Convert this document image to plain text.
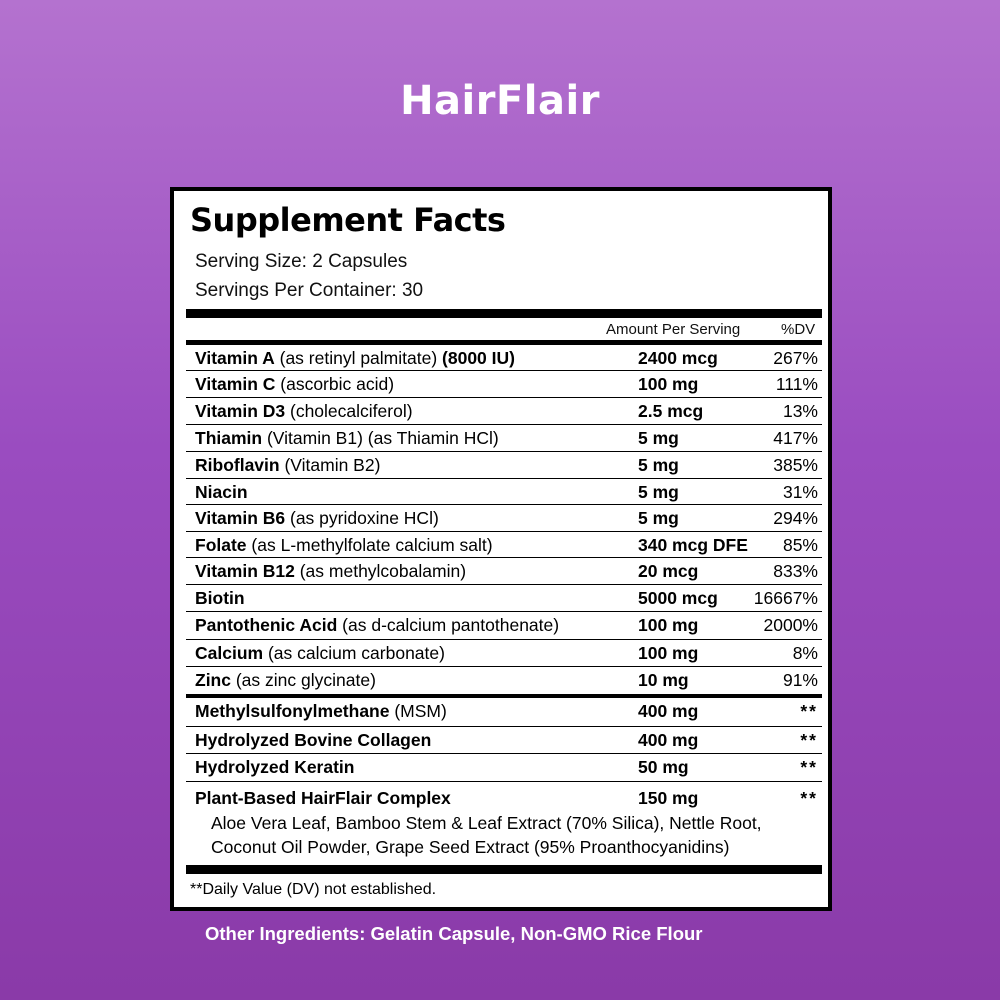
HairFlair
Supplement Facts
Serving Size: 2 Capsules
Servings Per Container: 30
Amount Per Serving	%DV
Vitamin A (as retinyl palmitate) (8000 IU)	2400 mcg	267%
Vitamin C (ascorbic acid)	100 mg	111%
Vitamin D3 (cholecalciferol)	2.5 mcg	13%
Thiamin (Vitamin B1) (as Thiamin HCl)	5 mg	417%
Riboflavin (Vitamin B2)	5 mg	385%
Niacin	5 mg	31%
Vitamin B6 (as pyridoxine HCl)	5 mg	294%
Folate (as L-methylfolate calcium salt)	340 mcg DFE 85%
Vitamin B12 (as methylcobalamin)	20 mcg	833%
Biotin	5000 mcg 16667%
Pantothenic Acid (as d-calcium pantothenate)	100 mg	2000%
Calcium (as calcium carbonate)	100 mg	8%
Zinc (as zinc glycinate)	10 mg	91%
Methylsulfonylmethane (MSM)	400 mg	**
Hydrolyzed Bovine Collagen	400 mg	**
Hydrolyzed Keratin	50 mg	**
Plant-Based HairFlair Complex	150 mg	**
Aloe Vera Leaf, Bamboo Stem & Leaf Extract (70% Silica), Nettle Root,
Coconut Oil Powder, Grape Seed Extract (95% Proanthocyanidins)
**Daily Value (DV) not established.
Other Ingredients: Gelatin Capsule, Non-GMO Rice Flour
